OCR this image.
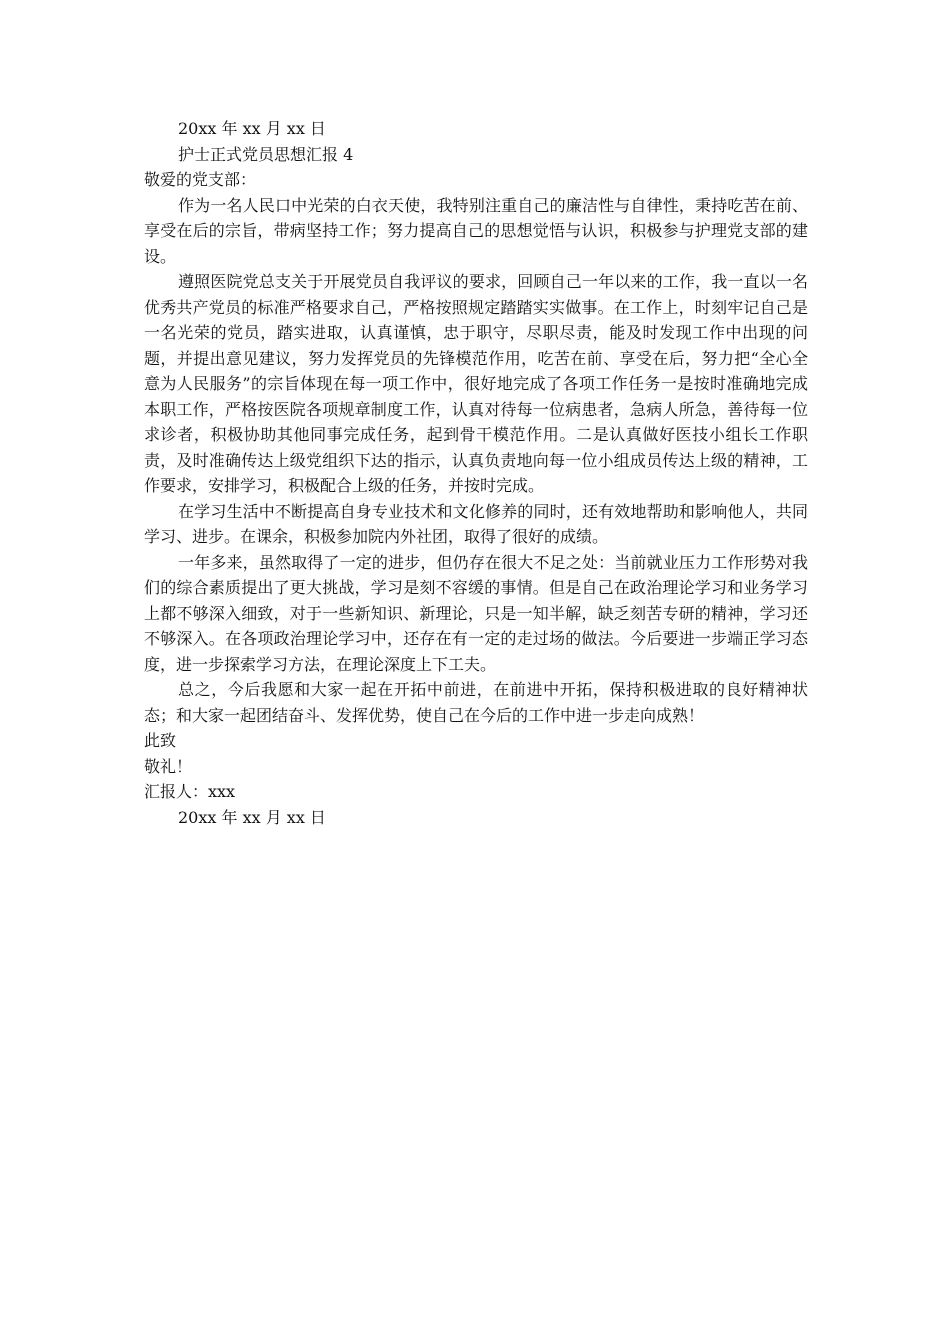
20xx 年 xx 月 xx 日

护士正式党员思想汇报 4

敬爱的党支部：

作为一名人民口中光荣的白衣天使，我特别注重自己的廉洁性与自律性，秉持吃苦在前、享受在后的宗旨，带病坚持工作；努力提高自己的思想觉悟与认识，积极参与护理党支部的建设。

遵照医院党总支关于开展党员自我评议的要求，回顾自己一年以来的工作，我一直以一名优秀共产党员的标准严格要求自己，严格按照规定踏踏实实做事。在工作上，时刻牢记自己是一名光荣的党员，踏实进取，认真谨慎，忠于职守，尽职尽责，能及时发现工作中出现的问题，并提出意见建议，努力发挥党员的先锋模范作用，吃苦在前、享受在后，努力把“全心全意为人民服务”的宗旨体现在每一项工作中，很好地完成了各项工作任务一是按时准确地完成本职工作，严格按医院各项规章制度工作，认真对待每一位病患者，急病人所急，善待每一位求诊者，积极协助其他同事完成任务，起到骨干模范作用。二是认真做好医技小组长工作职责，及时准确传达上级党组织下达的指示，认真负责地向每一位小组成员传达上级的精神，工作要求，安排学习，积极配合上级的任务，并按时完成。

在学习生活中不断提高自身专业技术和文化修养的同时，还有效地帮助和影响他人，共同学习、进步。在课余，积极参加院内外社团，取得了很好的成绩。

一年多来，虽然取得了一定的进步，但仍存在很大不足之处：当前就业压力工作形势对我们的综合素质提出了更大挑战，学习是刻不容缓的事情。但是自己在政治理论学习和业务学习上都不够深入细致，对于一些新知识、新理论，只是一知半解，缺乏刻苦专研的精神，学习还不够深入。在各项政治理论学习中，还存在有一定的走过场的做法。今后要进一步端正学习态度，进一步探索学习方法，在理论深度上下工夫。

总之，今后我愿和大家一起在开拓中前进，在前进中开拓，保持积极进取的良好精神状态；和大家一起团结奋斗、发挥优势，使自己在今后的工作中进一步走向成熟！

此致

敬礼！

汇报人：xxx

20xx 年 xx 月 xx 日
